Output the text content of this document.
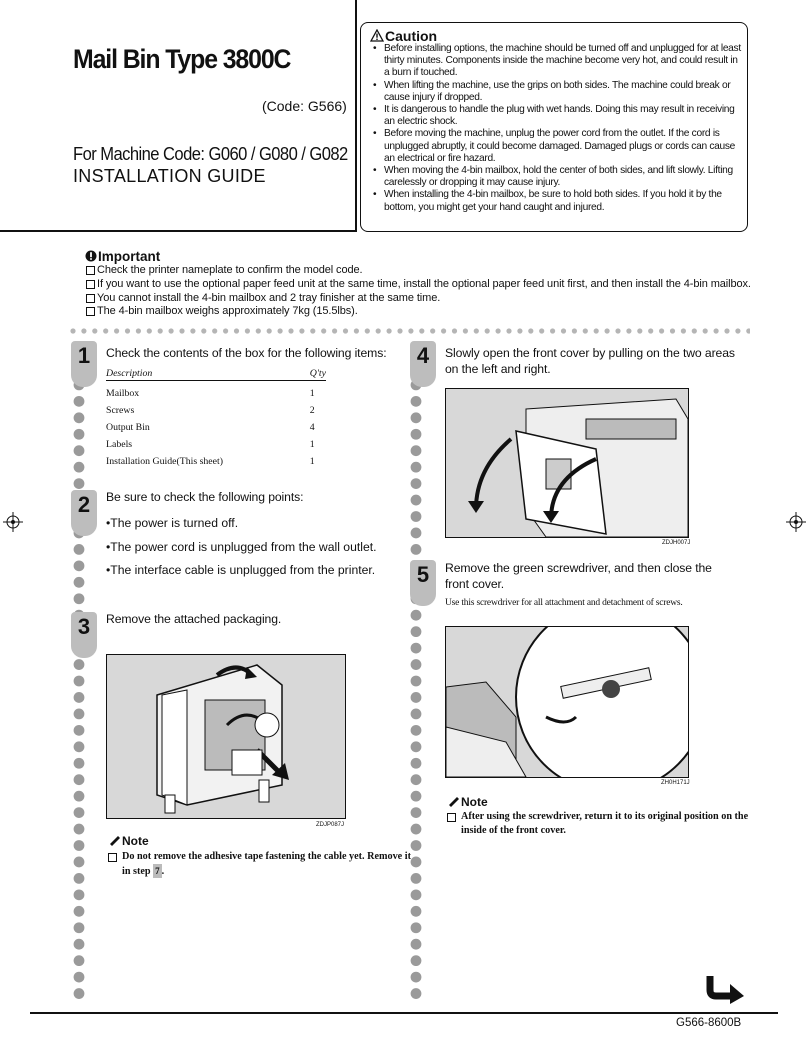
Mail Bin Type 3800C
(Code: G566)
For Machine Code: G060 / G080 / G082
INSTALLATION GUIDE
Caution
• Before installing options, the machine should be turned off and unplugged for at least thirty minutes. Components inside the machine become very hot, and could result in a burn if touched.
• When lifting the machine, use the grips on both sides. The machine could break or cause injury if dropped.
• It is dangerous to handle the plug with wet hands. Doing this may result in receiving an electric shock.
• Before moving the machine, unplug the power cord from the outlet. If the cord is unplugged abruptly, it could become damaged. Damaged plugs or cords can cause an electrical or fire hazard.
• When moving the 4-bin mailbox, hold the center of both sides, and lift slowly. Lifting carelessly or dropping it may cause injury.
• When installing the 4-bin mailbox, be sure to hold both sides. If you hold it by the bottom, you might get your hand caught and injured.
Important
Check the printer nameplate to confirm the model code.
If you want to use the optional paper feed unit at the same time, install the optional paper feed unit first, and then install the 4-bin mailbox.
You cannot install the 4-bin mailbox and 2 tray finisher at the same time.
The 4-bin mailbox weighs approximately 7kg (15.5lbs).
1	Check the contents of the box for the following items:
Description	Q'ty
Mailbox	1
Screws	2
Output Bin	4
Labels	1
Installation Guide(This sheet)	1
2	Be sure to check the following points:
•The power is turned off.
•The power cord is unplugged from the wall outlet.
•The interface cable is unplugged from the printer.
3	Remove the attached packaging.
ZDJP087J
Note
Do not remove the adhesive tape fastening the cable yet. Remove it in step 7 .
4	Slowly open the front cover by pulling on the two areas on the left and right.
ZDJH007J
5	Remove the green screwdriver, and then close the front cover.
Use this screwdriver for all attachment and detachment of screws.
ZH0H171J
Note
After using the screwdriver, return it to its original position on the inside of the front cover.
G566-8600B
